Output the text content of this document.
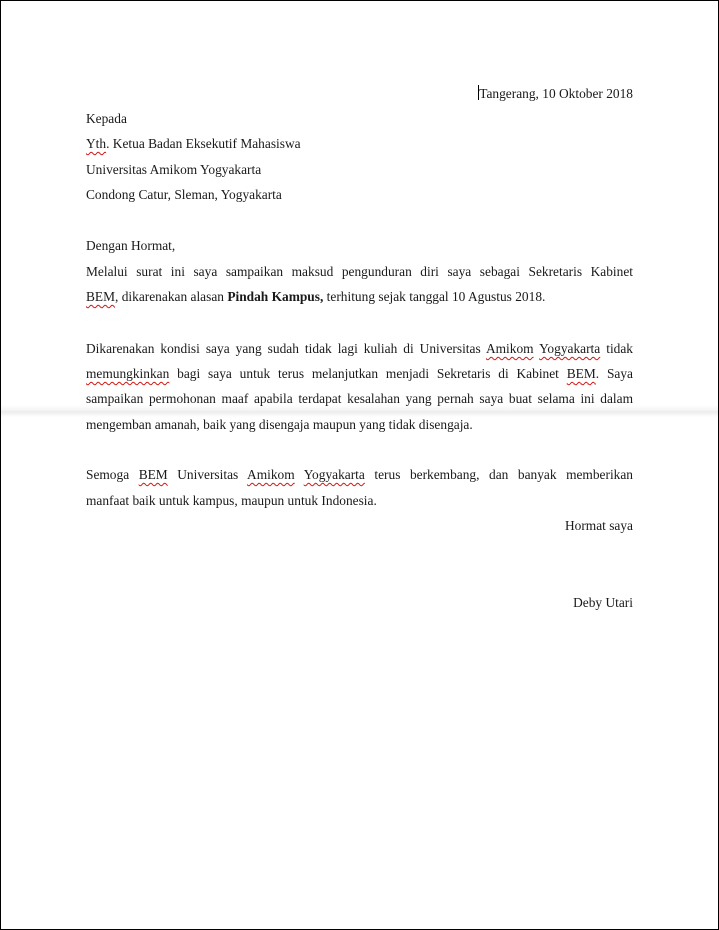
Tangerang, 10 Oktober 2018
Kepada
Yth. Ketua Badan Eksekutif Mahasiswa
Universitas Amikom Yogyakarta
Condong Catur, Sleman, Yogyakarta
Dengan Hormat,
Melalui surat ini saya sampaikan maksud pengunduran diri saya sebagai Sekretaris Kabinet
BEM, dikarenakan alasan Pindah Kampus, terhitung sejak tanggal 10 Agustus 2018.
Dikarenakan kondisi saya yang sudah tidak lagi kuliah di Universitas Amikom Yogyakarta tidak
memungkinkan bagi saya untuk terus melanjutkan menjadi Sekretaris di Kabinet BEM. Saya
sampaikan permohonan maaf apabila terdapat kesalahan yang pernah saya buat selama ini dalam
mengemban amanah, baik yang disengaja maupun yang tidak disengaja.
Semoga BEM Universitas Amikom Yogyakarta terus berkembang, dan banyak memberikan
manfaat baik untuk kampus, maupun untuk Indonesia.
Hormat saya
Deby Utari
